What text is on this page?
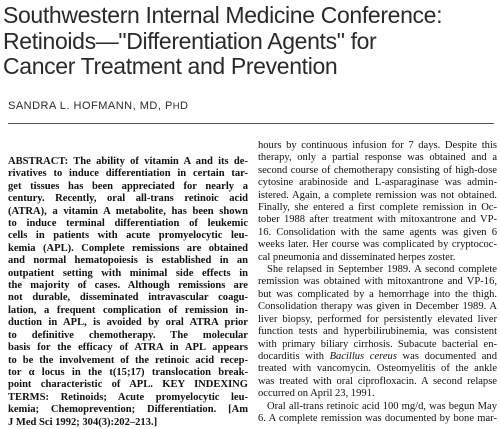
Southwestern Internal Medicine Conference:
Retinoids—"Differentiation Agents" for
Cancer Treatment and Prevention
SANDRA L. HOFMANN, MD, PHD

ABSTRACT: The ability of vitamin A and its de-

rivatives to induce differentiation in certain tar-

get tissues has been appreciated for nearly a

century. Recently, oral all-trans retinoic acid

(ATRA), a vitamin A metabolite, has been shown

to induce terminal differentiation of leukemic

cells in patients with acute promyelocytic leu-

kemia (APL). Complete remissions are obtained

and normal hematopoiesis is established in an

outpatient setting with minimal side effects in

the majority of cases. Although remissions are

not durable, disseminated intravascular coagu-

lation, a frequent complication of remission in-

duction in APL, is avoided by oral ATRA prior

to definitive chemotherapy. The molecular

basis for the efficacy of ATRA in APL appears

to be the involvement of the retinoic acid recep-

tor α locus in the t(15;17) translocation break-

point characteristic of APL. KEY INDEXING

TERMS: Retinoids; Acute promyelocytic leu-

kemia; Chemoprevention; Differentiation. [Am

J Med Sci 1992; 304(3):202–213.]

hours by continuous infusion for 7 days. Despite this

therapy, only a partial response was obtained and a

second course of chemotherapy consisting of high-dose

cytosine arabinoside and L-asparaginase was admin-

istered. Again, a complete remission was not obtained.

Finally, she entered a first complete remission in Oc-

tober 1988 after treatment with mitoxantrone and VP-

16. Consolidation with the same agents was given 6

weeks later. Her course was complicated by cryptococ-

cal pneumonia and disseminated herpes zoster.

She relapsed in September 1989. A second complete

remission was obtained with mitoxantrone and VP-16,

but was complicated by a hemorrhage into the thigh.

Consolidation therapy was given in December 1989. A

liver biopsy, performed for persistently elevated liver

function tests and hyperbilirubinemia, was consistent

with primary biliary cirrhosis. Subacute bacterial en-

docarditis with Bacillus cereus was documented and

treated with vancomycin. Osteomyelitis of the ankle

was treated with oral ciprofloxacin. A second relapse

occurred on April 23, 1991.

Oral all-trans retinoic acid 100 mg/d, was begun May

6. A complete remission was documented by bone mar-
